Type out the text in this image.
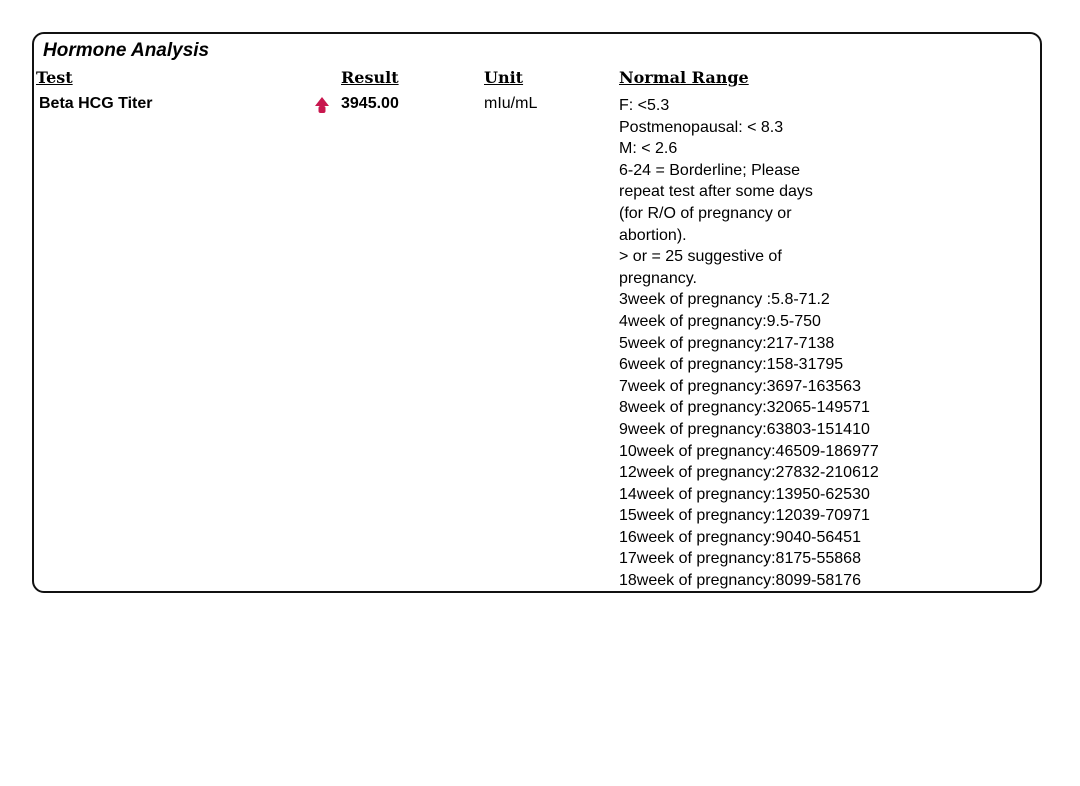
Hormone Analysis
Test	Result	Unit	Normal Range
Beta HCG Titer	3945.00	mIu/mL	F: <5.3
Postmenopausal: < 8.3
M: < 2.6
6-24 = Borderline; Please
repeat test after some days
(for R/O of pregnancy or
abortion).
> or = 25 suggestive of
pregnancy.
3week of pregnancy :5.8-71.2
4week of pregnancy:9.5-750
5week of pregnancy:217-7138
6week of pregnancy:158-31795
7week of pregnancy:3697-163563
8week of pregnancy:32065-149571
9week of pregnancy:63803-151410
10week of pregnancy:46509-186977
12week of pregnancy:27832-210612
14week of pregnancy:13950-62530
15week of pregnancy:12039-70971
16week of pregnancy:9040-56451
17week of pregnancy:8175-55868
18week of pregnancy:8099-58176
